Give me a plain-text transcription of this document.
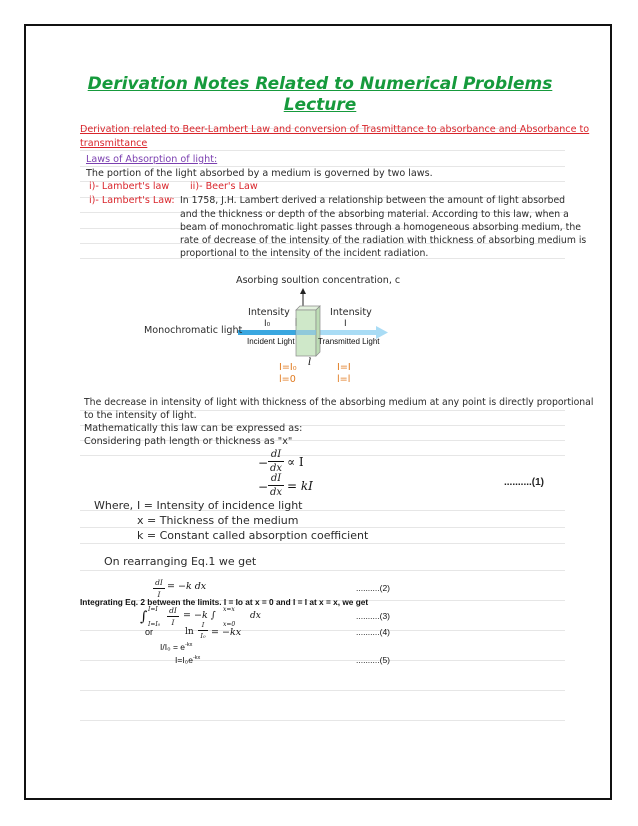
Derivation Notes Related to Numerical Problems
Lecture
Derivation related to Beer-Lambert Law and conversion of Trasmittance to absorbance and Absorbance to
transmittance
Laws of Absorption of light:
The portion of the light absorbed by a medium is governed by two laws.
i)- Lambert's law ii)- Beer's Law
i)- Lambert's Law: In 1758, J.H. Lambert derived a relationship between the amount of light absorbed
and the thickness or depth of the absorbing material. According to this law, when a
beam of monochromatic light passes through a homogeneous absorbing medium, the
rate of decrease of the intensity of the radiation with thickness of absorbing medium is
proportional to the intensity of the incident radiation.
Asorbing soultion concentration, c
Intensity
I₀
Intensity
I
Monochromatic light
Incident Light	Transmitted Light
l
I=I₀
l=0
I=I
l=l
The decrease in intensity of light with thickness of the absorbing medium at any point is directly proportional
to the intensity of light.
Mathematically this law can be expressed as:
Considering path length or thickness as "x"
−
dI
dx ∝ I
−
dI
dx = kI	..........(1)
Where, I = Intensity of incidence light
x = Thickness of the medium
k = Constant called absorption coefficient
On rearranging Eq.1 we get
dI
I
= −k dx	..........(2)
Integrating Eq. 2 between the limits. I = Io at x = 0 and I = I at x = x, we get
∫ I=I
I=I₀
dI
I
= −k ∫
x=x
x=0
dx	..........(3)
or	ln
I
I₀ = −kx	..........(4)
$I/I_0 = e^{-kx}$
$I=I_0e^{-kx}$	..........(5)
